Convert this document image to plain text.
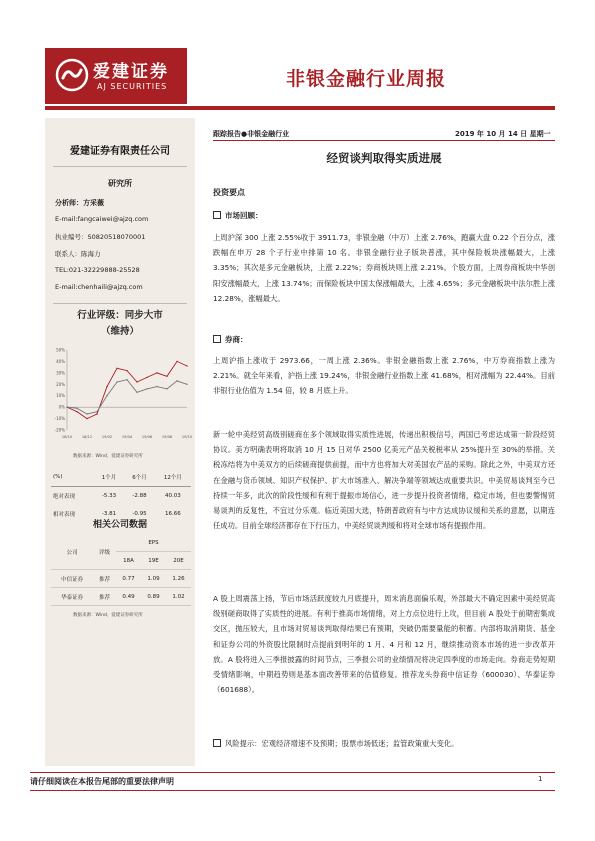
爱建证券
AJ SECURITIES	非银金融行业周报
爱建证券有限责任公司
研究所
分析师：方采薇
E-mail:fangcaiwei@ajzq.com
执业编号：S0820518070001
联系人：陈海力
TEL:021-32229888-25528
E-mail:chenhaili@ajzq.com
行业评级：同步大市
（维持）
-20%
-10%
0%
10%
20%
30%
40%
50%
18/10	18/12	19/02	19/04	19/06	19/08	19/10
数据来源：Wind，爱建证券研究所
(%)	1个月	6个月	12个月
绝对表现	-5.33	-2.88	40.03
相对表现	-3.81	-0.95	16.66
相关公司数据
公司	评级	EPS		
		18A	19E	20E
中信证券	推荐	0.77	1.09	1.26
华泰证券	推荐	0.49	0.89	1.02
数据来源：Wind，爱建证券研究所
跟踪报告●非银金融行业	2019 年 10 月 14 日 星期一
经贸谈判取得实质进展
投资要点
市场回顾：
上周沪深 300 上涨 2.55%收于 3911.73，非银金融（中万）上涨 2.76%，跑赢大盘 0.22 个百分点，涨跌幅在申万 28 个子行业中排第 10 名。非银金融行业子版块普涨，其中保险板块涨幅最大，上涨 3.35%；其次是多元金融板块，上涨 2.22%；券商板块则上涨 2.21%。个股方面，上周券商板块中华创阳安涨幅最大，上涨 13.74%；而保险板块中国太保涨幅最大，上涨 4.65%；多元金融板块中法尔胜上涨 12.28%，涨幅最大。
券商：
上周沪指上涨收于 2973.66，一周上涨 2.36%。非银金融指数上涨 2.76%，中万券商指数上涨为 2.21%。就全年来看，沪指上涨 19.24%，非银金融行业指数上涨 41.68%，相对涨幅为 22.44%。目前非银行业估值为 1.54 倍，较 8 月底上升。
新一轮中美经贸高级别磋商在多个领域取得实质性进展，传递出积极信号，两国已考虑达成第一阶段经贸协议。美方明确表明将取消 10 月 15 日对华 2500 亿美元产品关税税率从 25%提升至 30%的举措。关税冻结将为中美双方的后续磋商提供前提，而中方也将加大对美国农产品的采购。除此之外，中美双方还在金融与货币领域、知识产权保护、扩大市场准入、解决争端等领域达成重要共识。中美贸易谈判至今已持续一年多，此次的阶段性缓和有利于提振市场信心，进一步提升投资者情绪，稳定市场，但也要警惕贸易谈判的反复性，不宜过分乐观。临近美国大选，特朗普政府有与中方达成协议缓和关系的意愿，以期连任成功。目前全球经济都存在下行压力，中美经贸谈判缓和将对全球市场有提振作用。
A 股上周震荡上扬，节后市场活跃度较九月底提升，周末消息面偏乐观，外部最大不确定因素中美经贸高级别磋商取得了实质性的进展。有利于推高市场情绪，对上方点位进行上攻，但目前 A 股处于前期密集成交区，抛压较大，且市场对贸易谈判取得结果已有预期，突破仍需要量能的积蓄。内部将取消期货、基金和证券公司的外资股比限制时点提前到明年的 1 月、4 月和 12 月，继续推动资本市场的进一步改革开放。A 股将进入三季报披露的时间节点，三季报公司的业绩情况将决定四季度的市场走向。券商走势短期受情绪影响，中期趋势则是基本面改善带来的估值修复。推荐龙头券商中信证券（600030）、华泰证券（601688）。
风险提示：宏观经济增速不及预期；股票市场低迷；监管政策重大变化。
请仔细阅读在本报告尾部的重要法律声明	1
